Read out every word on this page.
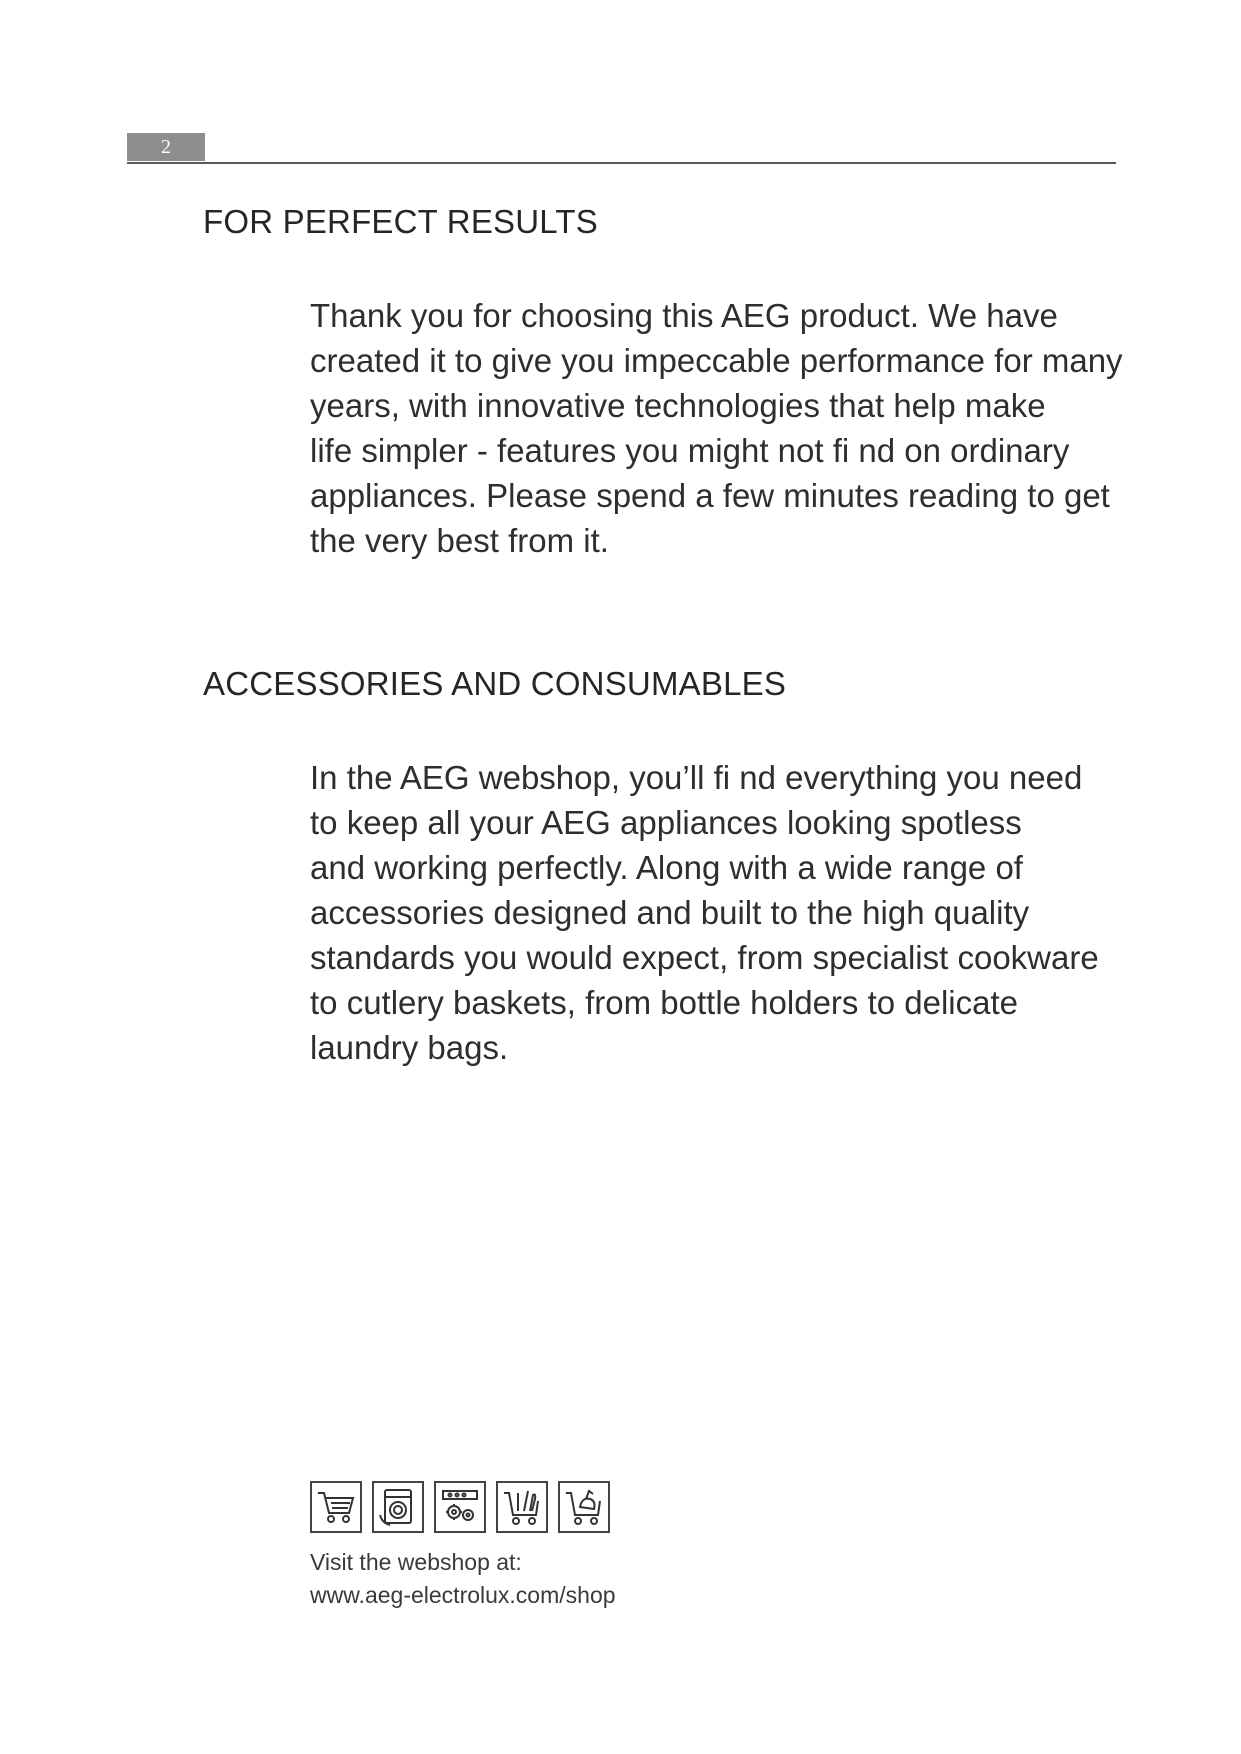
2
FOR PERFECT RESULTS

Thank you for choosing this AEG product. We have
created it to give you impeccable performance for many
years, with innovative technologies that help make
life simpler - features you might not fi nd on ordinary
appliances. Please spend a few minutes reading to get
the very best from it.

ACCESSORIES AND CONSUMABLES

In the AEG webshop, you’ll fi nd everything you need
to keep all your AEG appliances looking spotless
and working perfectly. Along with a wide range of
accessories designed and built to the high quality
standards you would expect, from specialist cookware
to cutlery baskets, from bottle holders to delicate
laundry bags.

Visit the webshop at:
www.aeg-electrolux.com/shop
